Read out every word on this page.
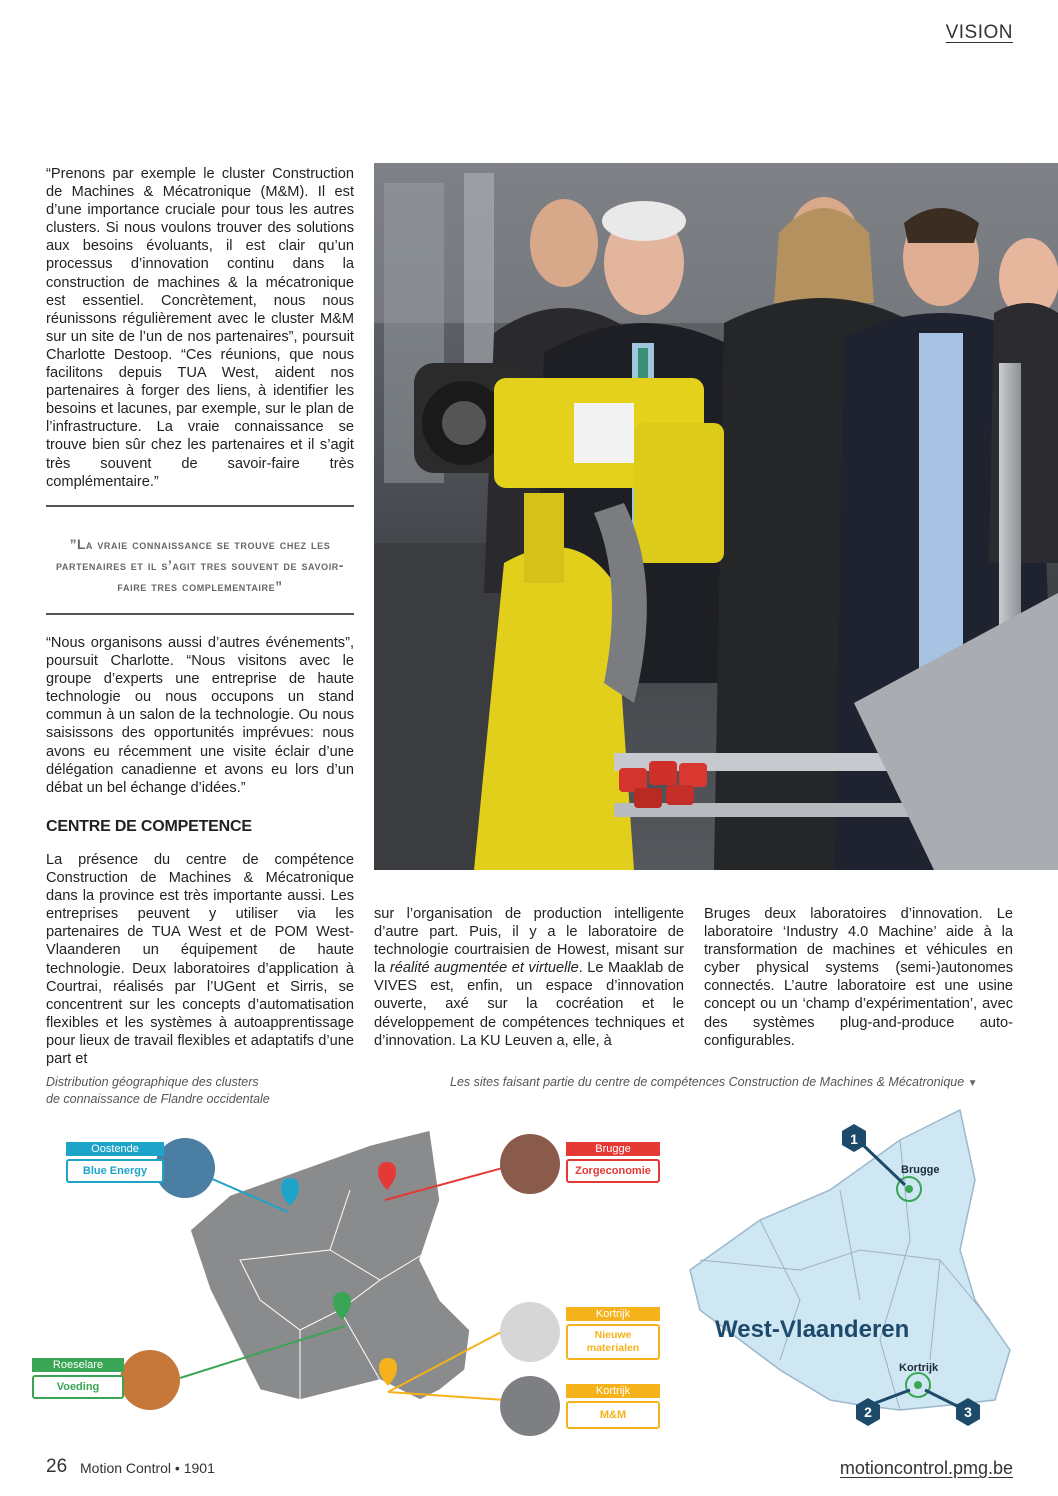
VISION

“Prenons par exemple le cluster Construction de Machines & Mécatronique (M&M). Il est d’une importance cruciale pour tous les autres clusters. Si nous voulons trouver des solutions aux besoins évoluants, il est clair qu’un processus d’innovation continu dans la construction de machines & la mécatronique est essentiel. Concrètement, nous nous réunissons régulièrement avec le cluster M&M sur un site de l’un de nos partenaires”, poursuit Charlotte Destoop. “Ces réunions, que nous facilitons depuis TUA West, aident nos partenaires à forger des liens, à identifier les besoins et lacunes, par exemple, sur le plan de l’infrastructure. La vraie connaissance se trouve bien sûr chez les partenaires et il s’agit très souvent de savoir-faire très complémentaire.”

”La vraie connaissance se trouve chez les partenaires et il s’agit tres souvent de savoir-faire tres complementaire”

“Nous organisons aussi d’autres événements”, poursuit Charlotte. “Nous visitons avec le groupe d’experts une entreprise de haute technologie ou nous occupons un stand commun à un salon de la technologie. Ou nous saisissons des opportunités imprévues: nous avons eu récemment une visite éclair d’une délégation canadienne et avons eu lors d’un débat un bel échange d’idées.”

CENTRE DE COMPETENCE

La présence du centre de compétence Construction de Machines & Mécatronique dans la province est très importante aussi. Les entreprises peuvent y utiliser via les partenaires de TUA West et de POM West-Vlaanderen un équipement de haute technologie. Deux laboratoires d’application à Courtrai, réalisés par l’UGent et Sirris, se concentrent sur les concepts d’automatisation flexibles et les systèmes à autoapprentissage pour lieux de travail flexibles et adaptatifs d’une part et

sur l’organisation de production intelligente d’autre part. Puis, il y a le laboratoire de technologie courtraisien de Howest, misant sur la réalité augmentée et virtuelle. Le Maaklab de VIVES est, enfin, un espace d’innovation ouverte, axé sur la cocréation et le développement de compétences techniques et d’innovation. La KU Leuven a, elle, à

Bruges deux laboratoires d’innovation. Le laboratoire ‘Industry 4.0 Machine’ aide à la transformation de machines et véhicules en cyber physical systems (semi-)autonomes connectés. L’autre laboratoire est une usine concept ou un ‘champ d’expérimentation’, avec des systèmes plug-and-produce auto-configurables.

Distribution géographique des clusters
de connaissance de Flandre occidentale
Les sites faisant partie du centre de compétences Construction de Machines & Mécatronique ▼
Oostende
Blue Energy
Brugge
Zorgeconomie
Roeselare
Voeding
Kortrijk
Nieuwe materialen
Kortrijk
M&M
West-Vlaanderen
Brugge
Kortrijk
1
2	3
26 Motion Control • 1901	motioncontrol.pmg.be
